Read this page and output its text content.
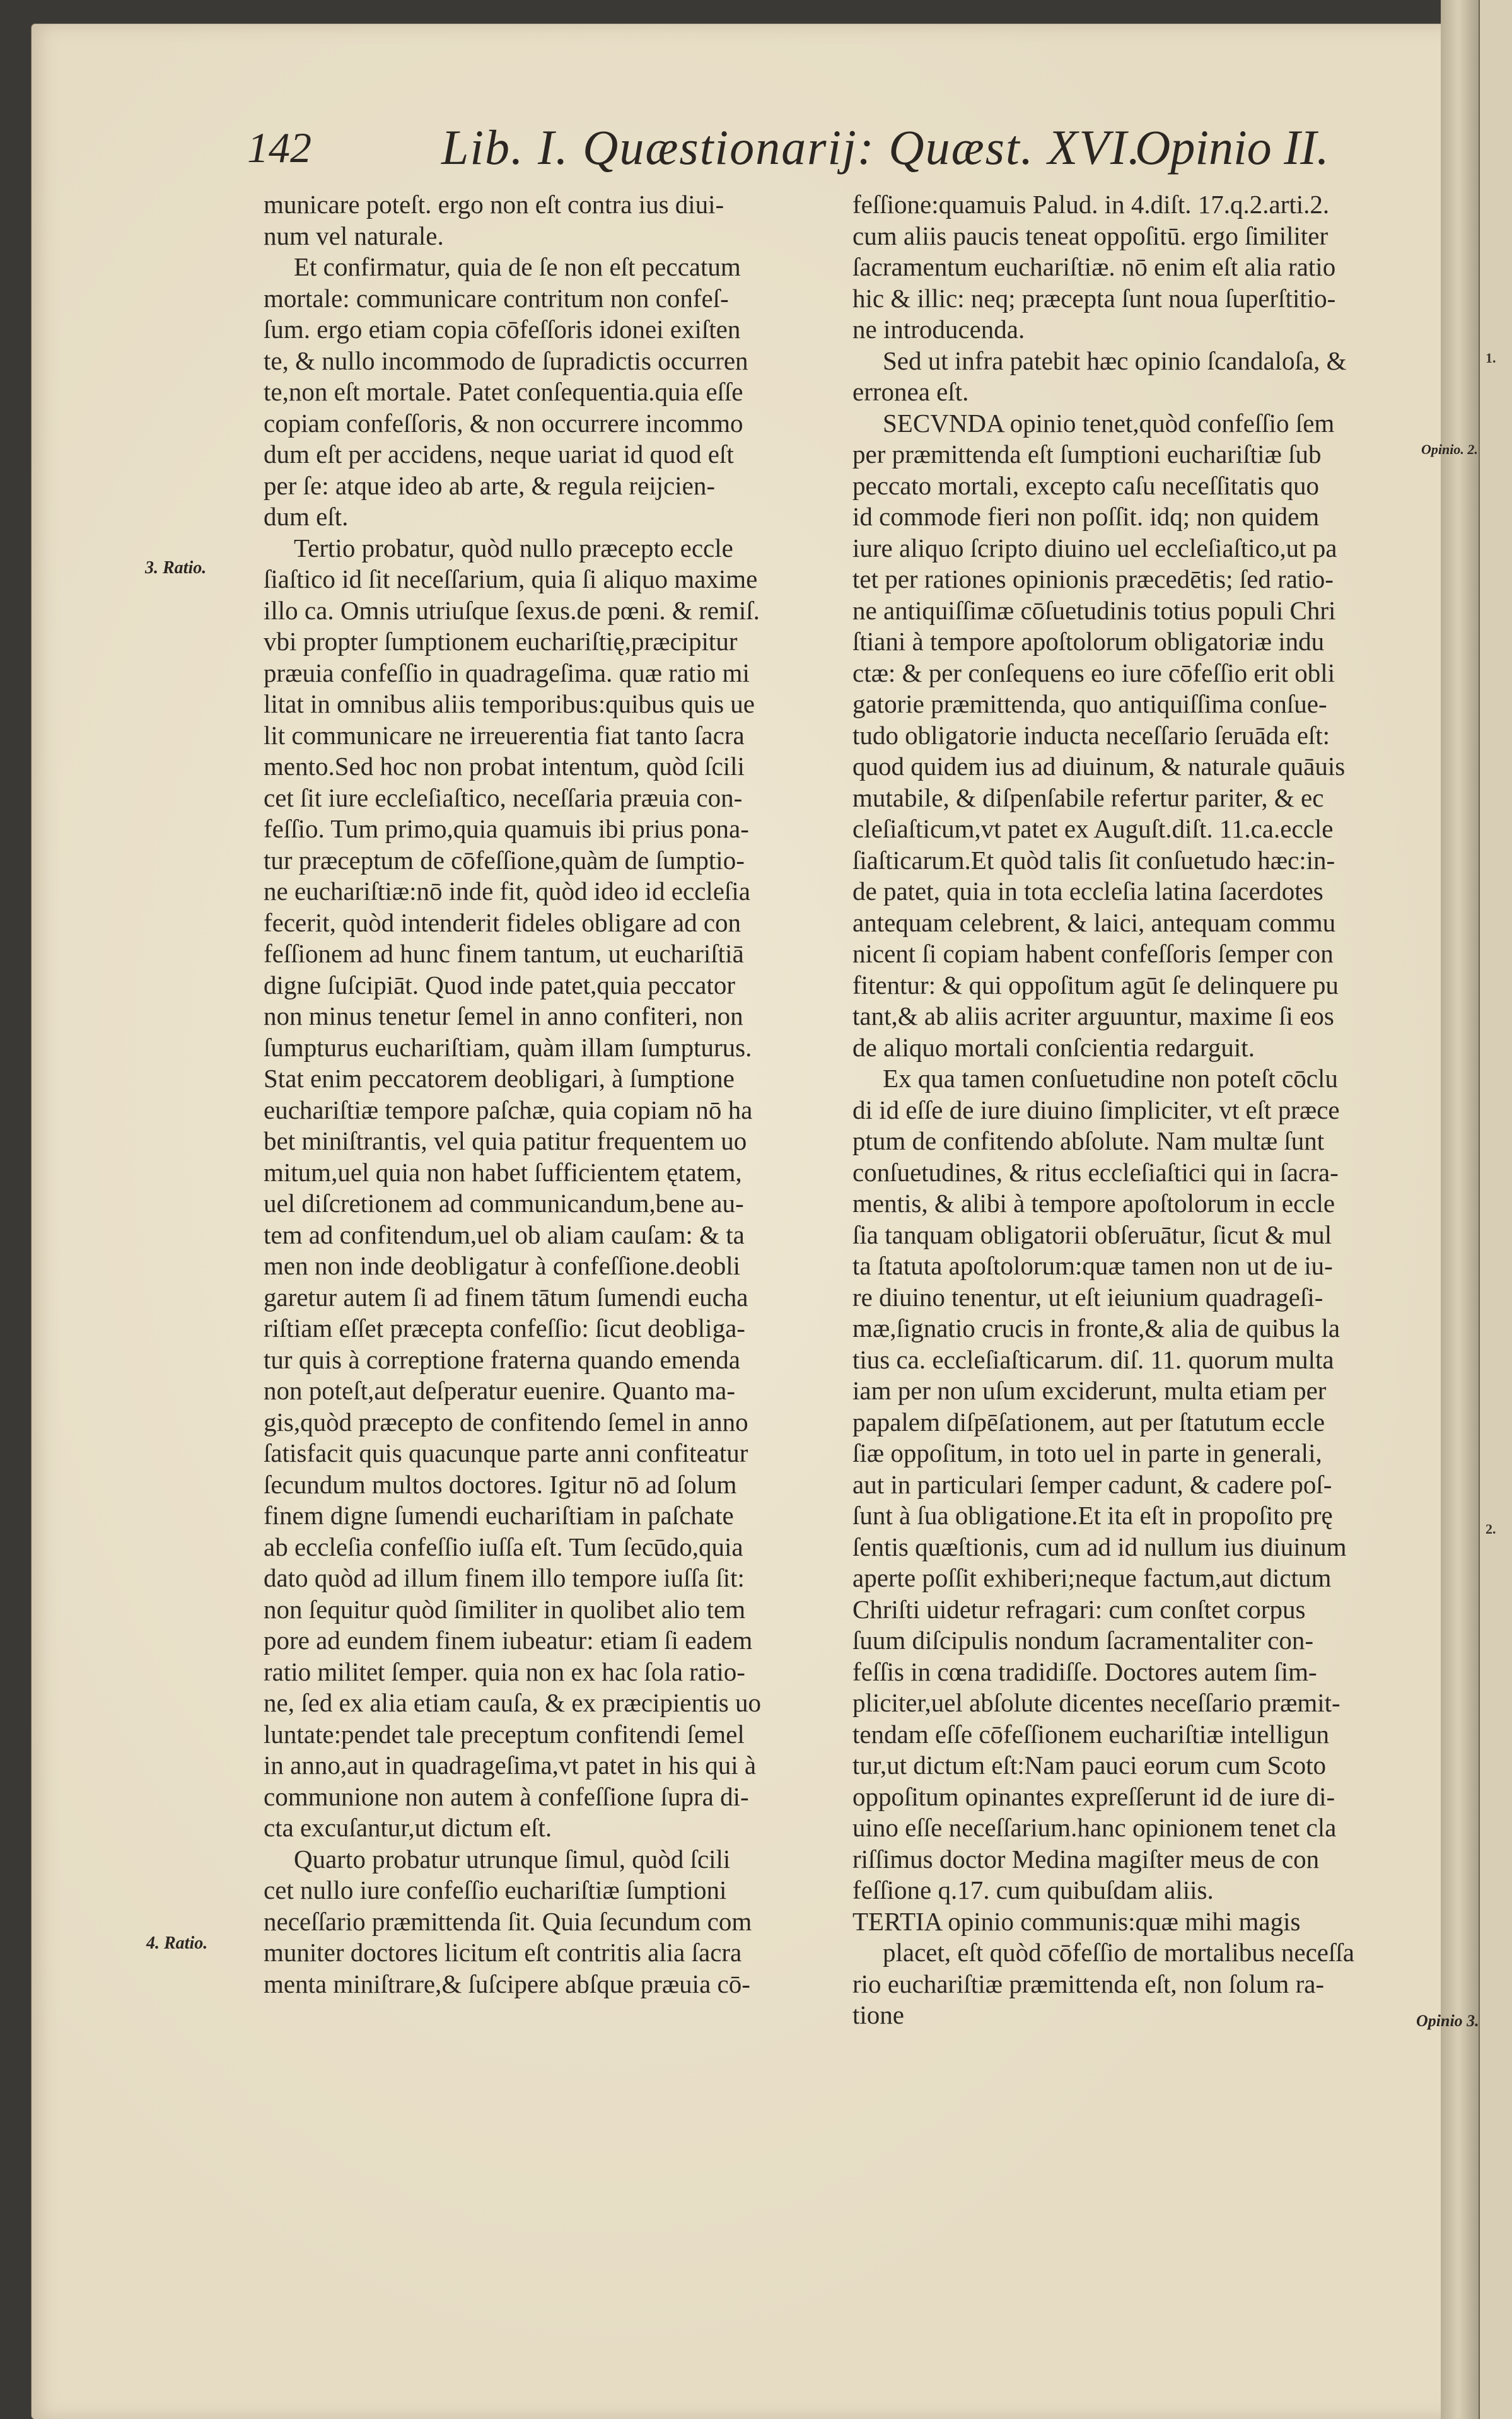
1.
2.
142	Lib. I. Quæstionarij: Quæst. XVI.
Opinio II.
3. Ratio.
4. Ratio.
Opinio. 2.
Opinio 3.
municare poteſt. ergo non eſt contra ius diui-
num vel naturale.
Et confirmatur, quia de ſe non eſt peccatum
mortale: communicare contritum non confeſ-
ſum. ergo etiam copia cōfeſſoris idonei exiſten
te, & nullo incommodo de ſupradictis occurren
te,non eſt mortale. Patet conſequentia.quia eſſe
copiam confeſſoris, & non occurrere incommo
dum eſt per accidens, neque uariat id quod eſt
per ſe: atque ideo ab arte, & regula reijcien-
dum eſt.
Tertio probatur, quòd nullo præcepto eccle
ſiaſtico id ſit neceſſarium, quia ſi aliquo maxime
illo ca. Omnis utriuſque ſexus.de pœni. & remiſ.
vbi propter ſumptionem euchariſtię,præcipitur
præuia confeſſio in quadrageſima. quæ ratio mi
litat in omnibus aliis temporibus:quibus quis ue
lit communicare ne irreuerentia fiat tanto ſacra
mento.Sed hoc non probat intentum, quòd ſcili
cet ſit iure eccleſiaſtico, neceſſaria præuia con-
feſſio. Tum primo,quia quamuis ibi prius pona-
tur præceptum de cōfeſſione,quàm de ſumptio-
ne euchariſtiæ:nō inde fit, quòd ideo id eccleſia
fecerit, quòd intenderit fideles obligare ad con
feſſionem ad hunc finem tantum, ut euchariſtiā
digne ſuſcipiāt. Quod inde patet,quia peccator
non minus tenetur ſemel in anno confiteri, non
ſumpturus euchariſtiam, quàm illam ſumpturus.
Stat enim peccatorem deobligari, à ſumptione
euchariſtiæ tempore paſchæ, quia copiam nō ha
bet miniſtrantis, vel quia patitur frequentem uo
mitum,uel quia non habet ſufficientem ętatem,
uel diſcretionem ad communicandum,bene au-
tem ad confitendum,uel ob aliam cauſam: & ta
men non inde deobligatur à confeſſione.deobli
garetur autem ſi ad finem tātum ſumendi eucha
riſtiam eſſet præcepta confeſſio: ſicut deobliga-
tur quis à correptione fraterna quando emenda
non poteſt,aut deſperatur euenire. Quanto ma-
gis,quòd præcepto de confitendo ſemel in anno
ſatisfacit quis quacunque parte anni confiteatur
ſecundum multos doctores. Igitur nō ad ſolum
finem digne ſumendi euchariſtiam in paſchate
ab eccleſia confeſſio iuſſa eſt. Tum ſecūdo,quia
dato quòd ad illum finem illo tempore iuſſa ſit:
non ſequitur quòd ſimiliter in quolibet alio tem
pore ad eundem finem iubeatur: etiam ſi eadem
ratio militet ſemper. quia non ex hac ſola ratio-
ne, ſed ex alia etiam cauſa, & ex præcipientis uo
luntate:pendet tale preceptum confitendi ſemel
in anno,aut in quadrageſima,vt patet in his qui à
communione non autem à confeſſione ſupra di-
cta excuſantur,ut dictum eſt.
Quarto probatur utrunque ſimul, quòd ſcili
cet nullo iure confeſſio euchariſtiæ ſumptioni
neceſſario præmittenda ſit. Quia ſecundum com
muniter doctores licitum eſt contritis alia ſacra
menta miniſtrare,& ſuſcipere abſque præuia cō-
feſſione:quamuis Palud. in 4.diſt. 17.q.2.arti.2.
cum aliis paucis teneat oppoſitū. ergo ſimiliter
ſacramentum euchariſtiæ. nō enim eſt alia ratio
hic & illic: neq; præcepta ſunt noua ſuperſtitio-
ne introducenda.
Sed ut infra patebit hæc opinio ſcandaloſa, &
erronea eſt.
SECVNDA opinio tenet,quòd confeſſio ſem
per præmittenda eſt ſumptioni euchariſtiæ ſub
peccato mortali, excepto caſu neceſſitatis quo
id commode fieri non poſſit. idq; non quidem
iure aliquo ſcripto diuino uel eccleſiaſtico,ut pa
tet per rationes opinionis præcedētis; ſed ratio-
ne antiquiſſimæ cōſuetudinis totius populi Chri
ſtiani à tempore apoſtolorum obligatoriæ indu
ctæ: & per conſequens eo iure cōfeſſio erit obli
gatorie præmittenda, quo antiquiſſima conſue-
tudo obligatorie inducta neceſſario ſeruāda eſt:
quod quidem ius ad diuinum, & naturale quāuis
mutabile, & diſpenſabile refertur pariter, & ec
cleſiaſticum,vt patet ex Auguſt.diſt. 11.ca.eccle
ſiaſticarum.Et quòd talis ſit conſuetudo hæc:in-
de patet, quia in tota eccleſia latina ſacerdotes
antequam celebrent, & laici, antequam commu
nicent ſi copiam habent confeſſoris ſemper con
fitentur: & qui oppoſitum agūt ſe delinquere pu
tant,& ab aliis acriter arguuntur, maxime ſi eos
de aliquo mortali conſcientia redarguit.
Ex qua tamen conſuetudine non poteſt cōclu
di id eſſe de iure diuino ſimpliciter, vt eſt præce
ptum de confitendo abſolute. Nam multæ ſunt
conſuetudines, & ritus eccleſiaſtici qui in ſacra-
mentis, & alibi à tempore apoſtolorum in eccle
ſia tanquam obligatorii obſeruātur, ſicut & mul
ta ſtatuta apoſtolorum:quæ tamen non ut de iu-
re diuino tenentur, ut eſt ieiunium quadrageſi-
mæ,ſignatio crucis in fronte,& alia de quibus la
tius ca. eccleſiaſticarum. diſ. 11. quorum multa
iam per non uſum exciderunt, multa etiam per
papalem diſpēſationem, aut per ſtatutum eccle
ſiæ oppoſitum, in toto uel in parte in generali,
aut in particulari ſemper cadunt, & cadere poſ-
ſunt à ſua obligatione.Et ita eſt in propoſito prę
ſentis quæſtionis, cum ad id nullum ius diuinum
aperte poſſit exhiberi;neque factum,aut dictum
Chriſti uidetur refragari: cum conſtet corpus
ſuum diſcipulis nondum ſacramentaliter con-
feſſis in cœna tradidiſſe. Doctores autem ſim-
pliciter,uel abſolute dicentes neceſſario præmit-
tendam eſſe cōfeſſionem euchariſtiæ intelligun
tur,ut dictum eſt:Nam pauci eorum cum Scoto
oppoſitum opinantes expreſſerunt id de iure di-
uino eſſe neceſſarium.hanc opinionem tenet cla
riſſimus doctor Medina magiſter meus de con
feſſione q.17. cum quibuſdam aliis.
TERTIA opinio communis:quæ mihi magis
placet, eſt quòd cōfeſſio de mortalibus neceſſa
rio euchariſtiæ præmittenda eſt, non ſolum ra-
tione
